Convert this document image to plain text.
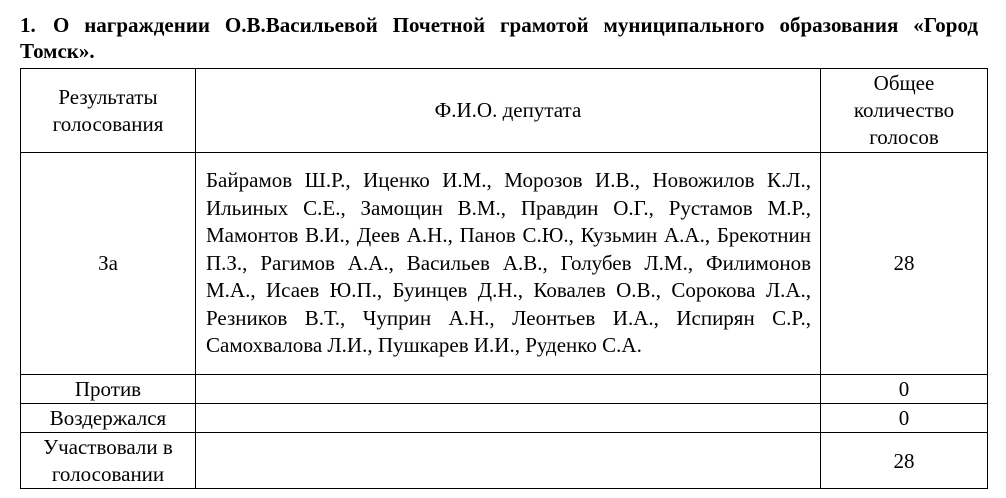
1. О награждении О.В.Васильевой Почетной грамотой муниципального образования «Город Томск».
Результаты голосования	Ф.И.О. депутата	Общее количество голосов
За	Байрамов Ш.Р., Иценко И.М., Морозов И.В., Новожилов К.Л., Ильиных С.Е., Замощин В.М., Правдин О.Г., Рустамов М.Р., Мамонтов В.И., Деев А.Н., Панов С.Ю., Кузьмин А.А., Брекотнин П.З., Рагимов А.А., Васильев А.В., Голубев Л.М., Филимонов М.А., Исаев Ю.П., Буинцев Д.Н., Ковалев О.В., Сорокова Л.А., Резников В.Т., Чуприн А.Н., Леонтьев И.А., Испирян С.Р., Самохвалова Л.И., Пушкарев И.И., Руденко С.А.	28
Против		0
Воздержался		0
Участвовали в голосовании		28
